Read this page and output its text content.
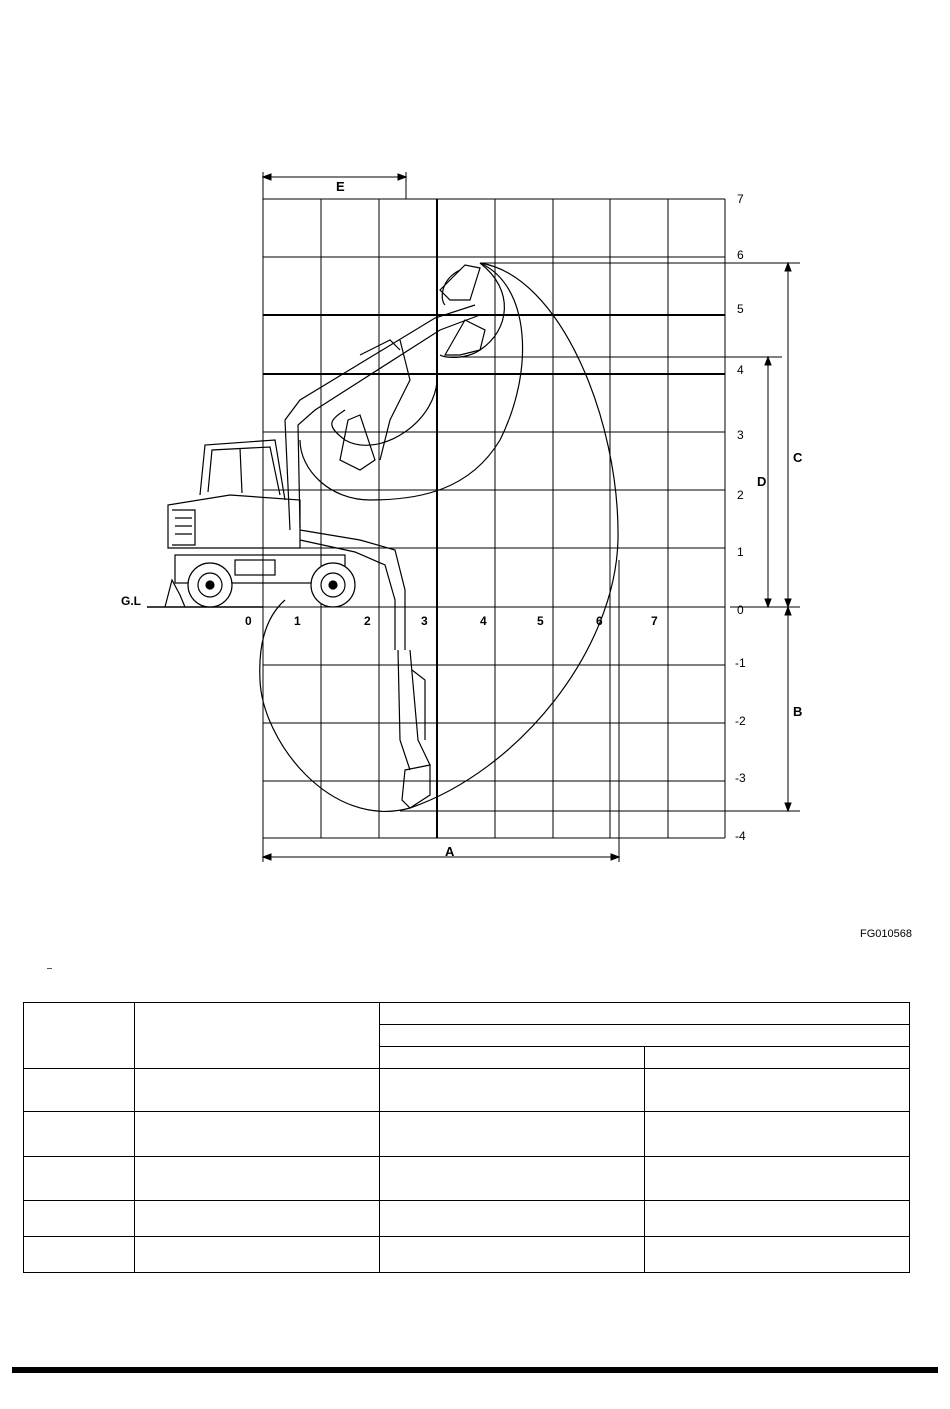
7
6
5
4
3
2
1
0
-1
-2
-3
-4
0	1	2	3	4	5	6	7
G.L
E
A
C
D
B
FG010568
